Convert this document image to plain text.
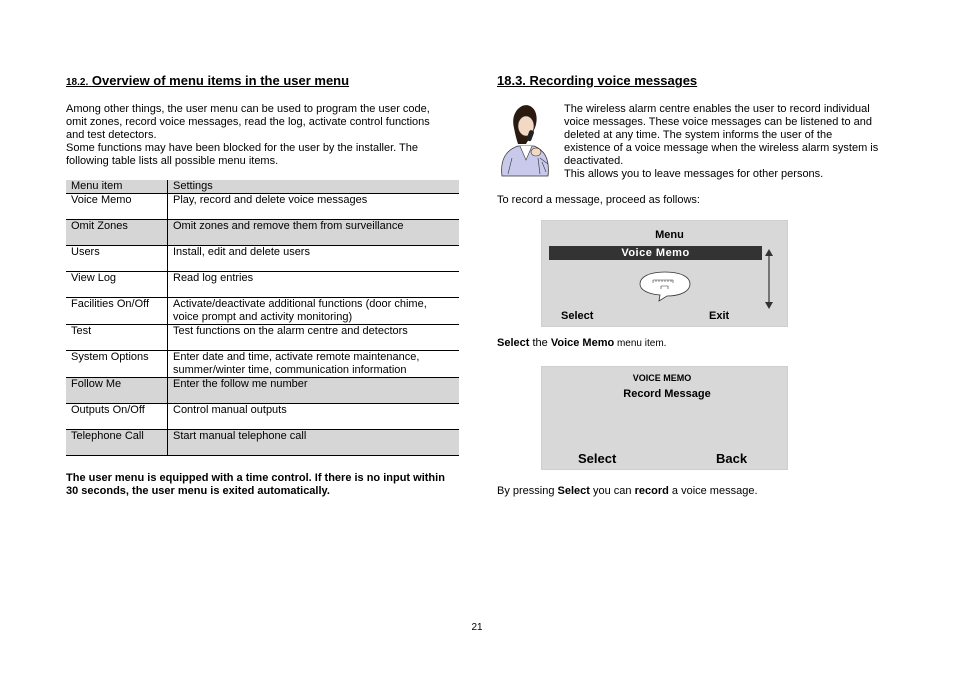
18.2. Overview of menu items in the user menu

Among other things, the user menu can be used to program the user code,

omit zones, record voice messages, read the log, activate control functions

and test detectors.

Some functions may have been blocked for the user by the installer. The

following table lists all possible menu items.

Menu item	Settings
Voice Memo	Play, record and delete voice messages
Omit Zones	Omit zones and remove them from surveillance
Users	Install, edit and delete users
View Log	Read log entries
Facilities On/Off	Activate/deactivate additional functions (door chime, voice prompt and activity monitoring)
Test	Test functions on the alarm centre and detectors
System Options	Enter date and time, activate remote maintenance, summer/winter time, communication information
Follow Me	Enter the follow me number
Outputs On/Off	Control manual outputs
Telephone Call	Start manual telephone call

The user menu is equipped with a time control. If there is no input within

30 seconds, the user menu is exited automatically.

18.3. Recording voice messages

The wireless alarm centre enables the user to record individual

voice messages. These voice messages can be listened to and

deleted at any time. The system informs the user of the

existence of a voice message when the wireless alarm system is

deactivated.

This allows you to leave messages for other persons.

To record a message, proceed as follows:
Menu
Voice Memo
Select	Exit
Select the Voice Memo menu item.
VOICE MEMO
Record Message
Select	Back
By pressing Select you can record a voice message.
21
